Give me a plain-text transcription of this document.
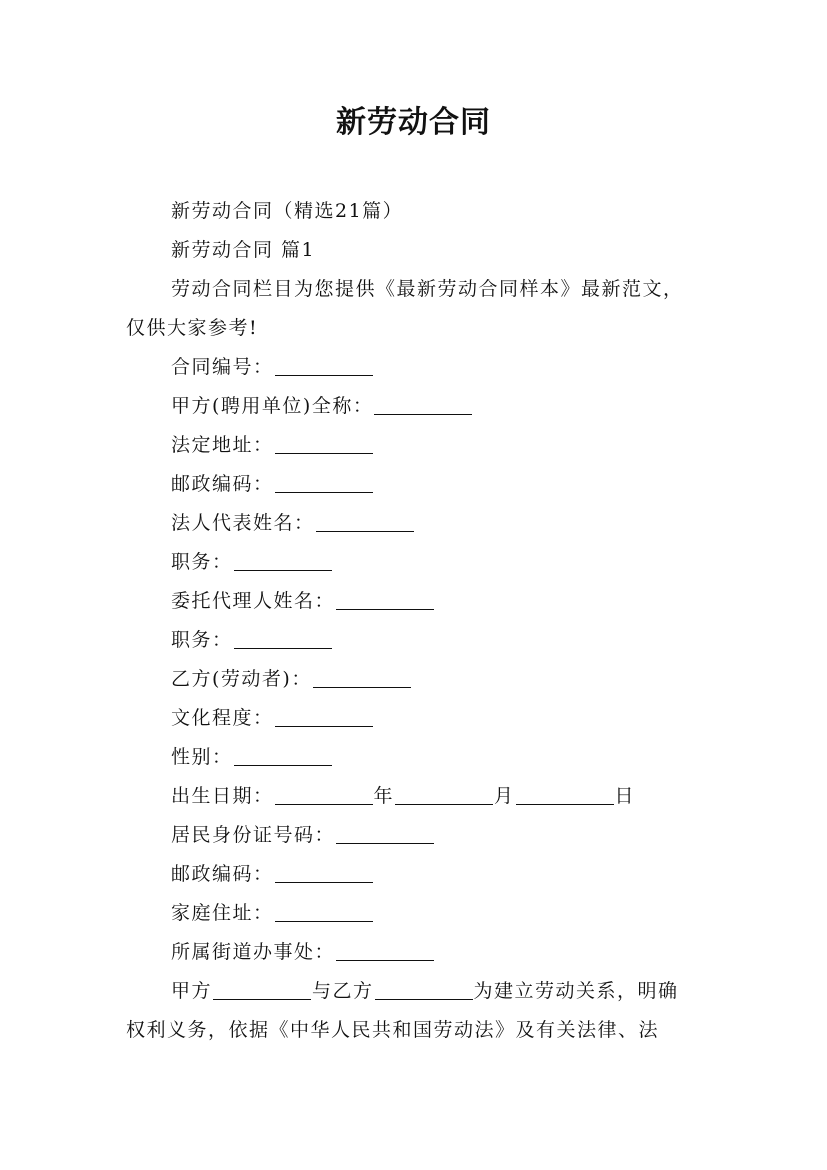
新劳动合同
新劳动合同（精选21篇）
新劳动合同 篇1
劳动合同栏目为您提供《最新劳动合同样本》最新范文，
仅供大家参考!
合同编号：
甲方(聘用单位)全称：
法定地址：
邮政编码：
法人代表姓名：
职务：
委托代理人姓名：
职务：
乙方(劳动者)：
文化程度：
性别：
出生日期：	年	月	日
居民身份证号码：
邮政编码：
家庭住址：
所属街道办事处：
甲方	与乙方	为建立劳动关系，明确
权利义务，依据《中华人民共和国劳动法》及有关法律、法
